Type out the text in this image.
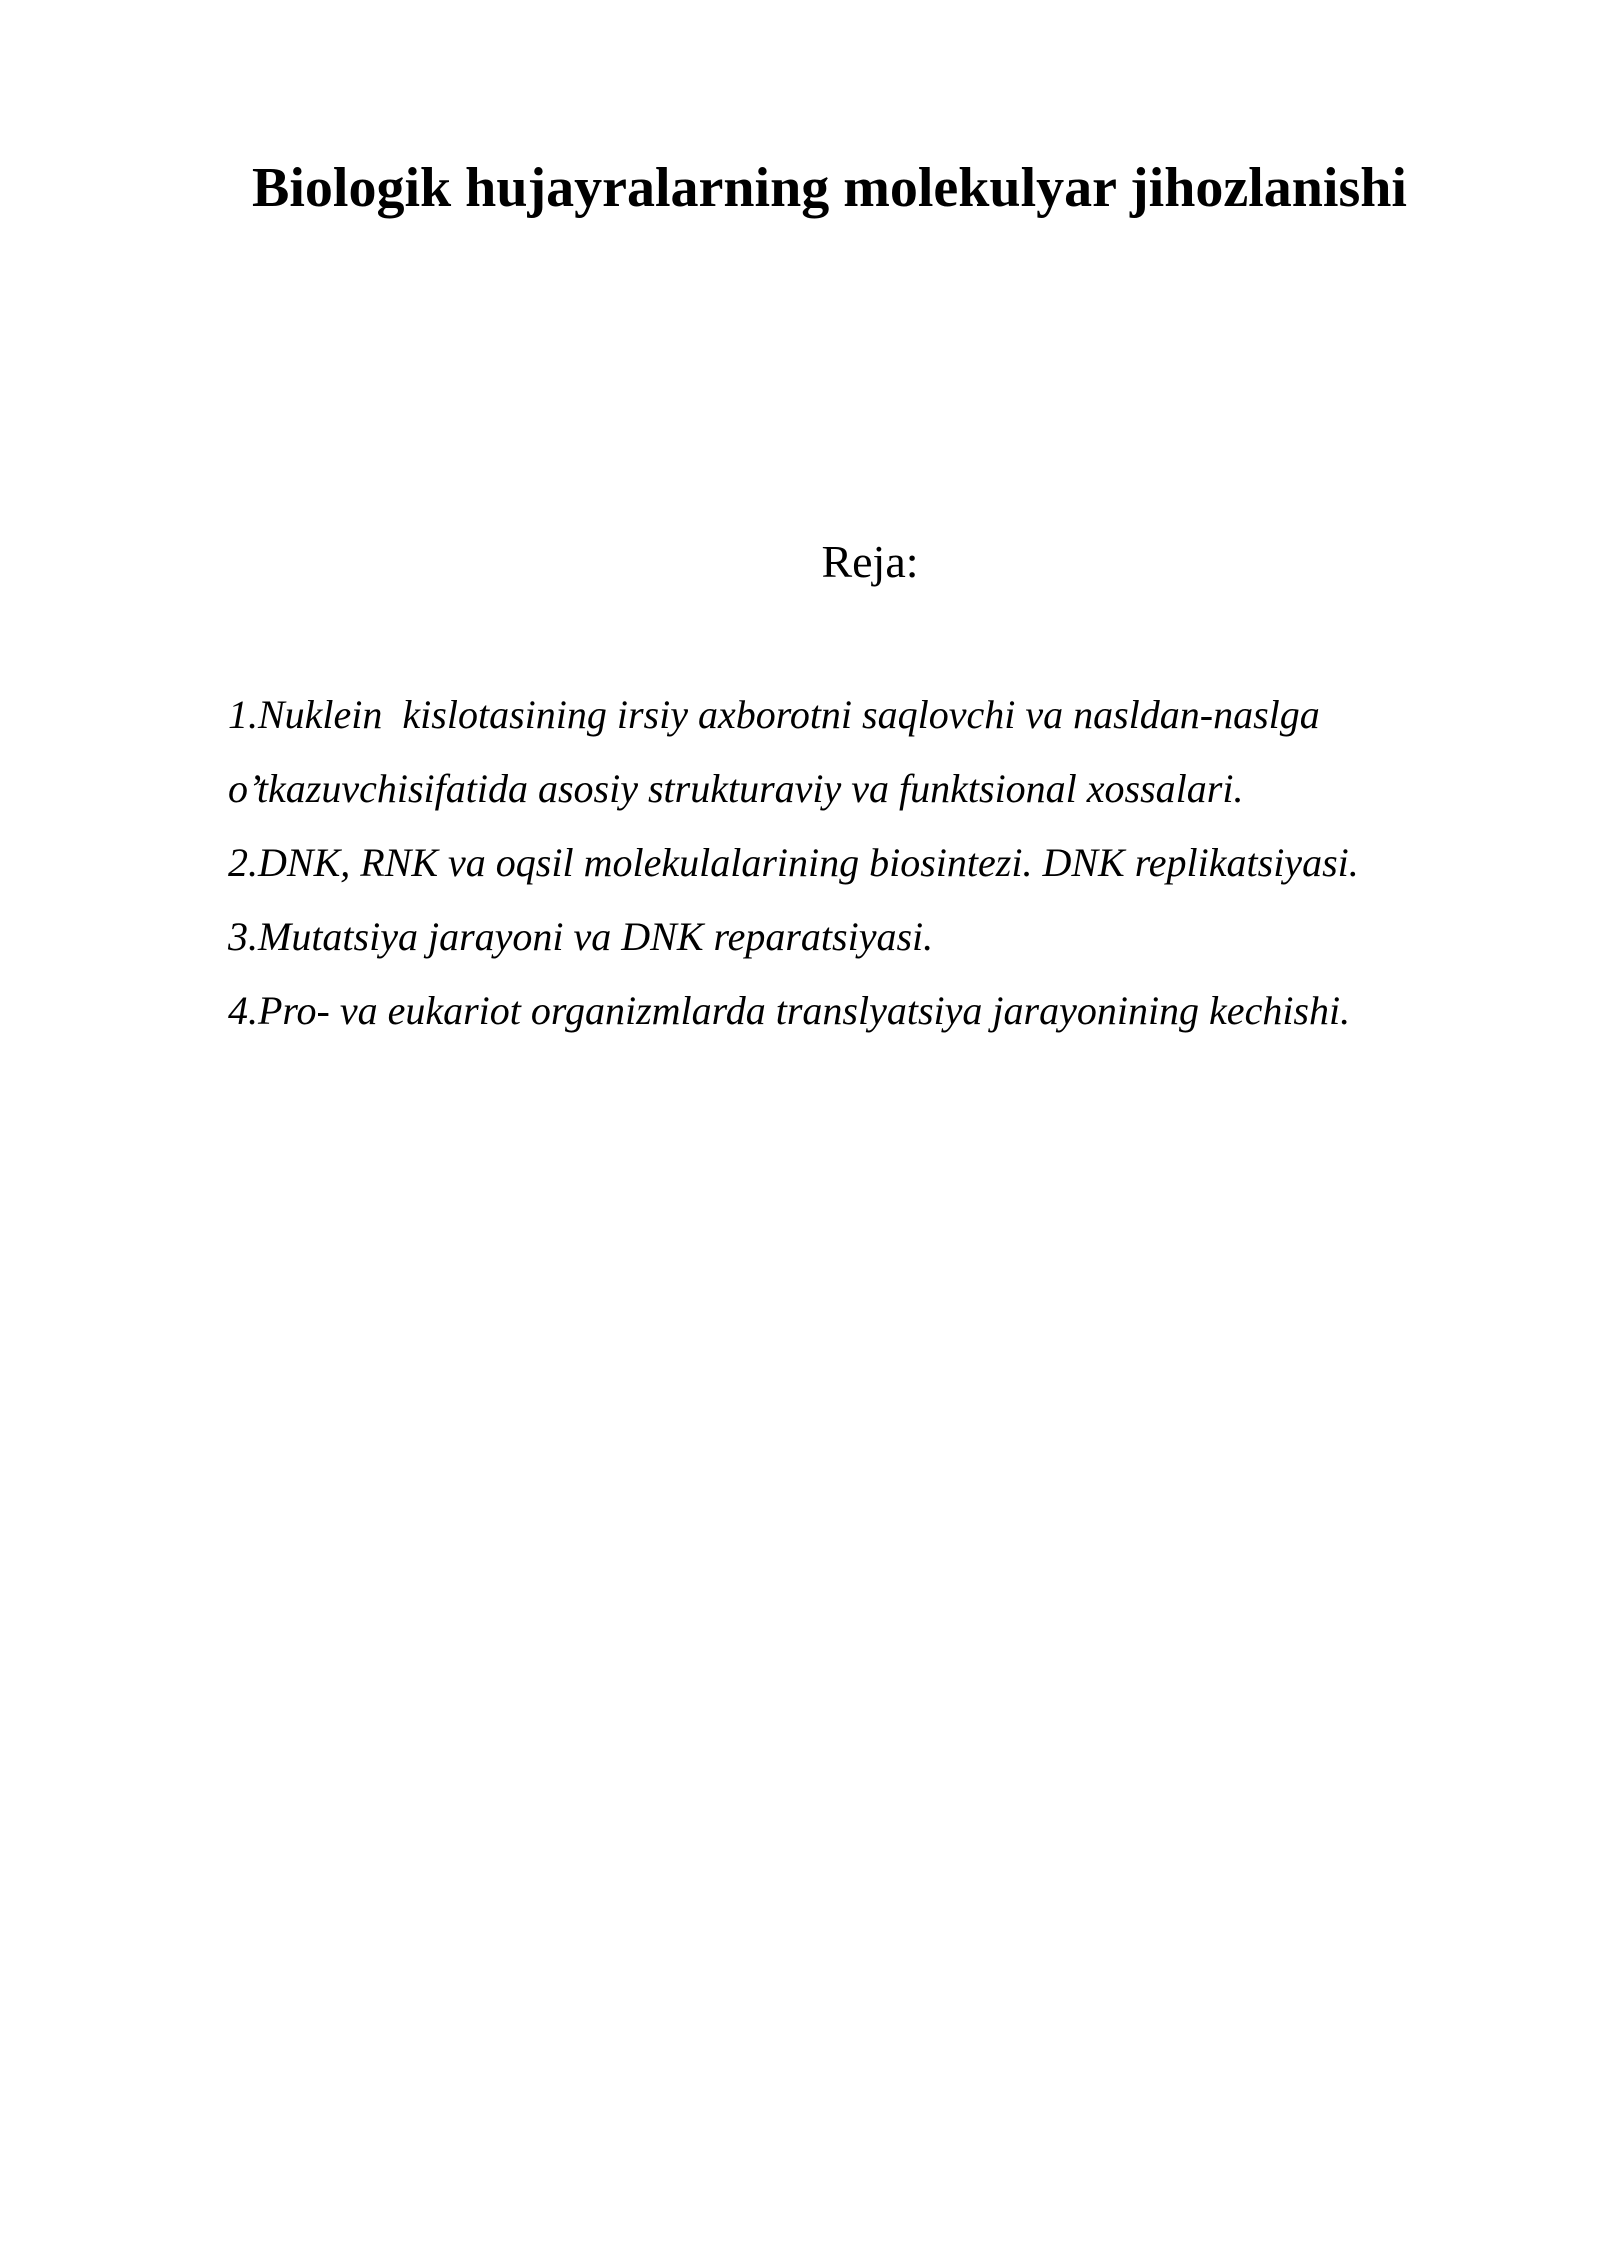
Biologik hujayralarning molekulyar jihozlanishi

Reja:

1.Nuklein  kislotasining irsiy axborotni saqlovchi va nasldan-naslga
o’tkazuvchisifatida asosiy strukturaviy va funktsional xossalari.
2.DNK, RNK va oqsil molekulalarining biosintezi. DNK replikatsiyasi.
3.Mutatsiya jarayoni va DNK reparatsiyasi.
4.Pro- va eukariot organizmlarda translyatsiya jarayonining kechishi.
